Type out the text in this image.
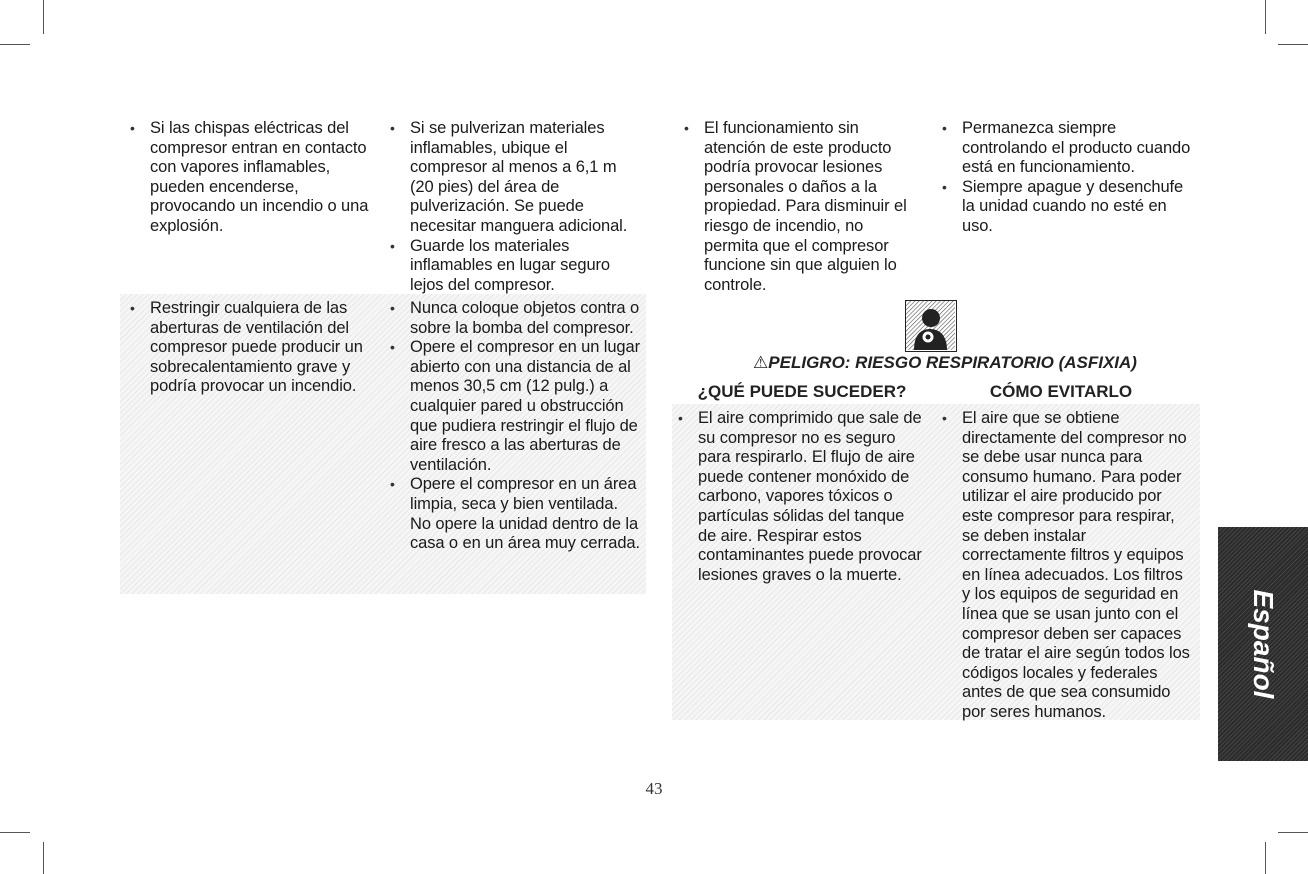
• Si las chispas eléctricas del compresor entran en contacto con vapores inflamables, pueden encenderse, provocando un incendio o una explosión.
• Si se pulverizan materiales inflamables, ubique el compresor al menos a 6,1 m (20 pies) del área de pulverización. Se puede necesitar manguera adicional.
• Guarde los materiales inflamables en lugar seguro lejos del compresor.
• Restringir cualquiera de las aberturas de ventilación del compresor puede producir un sobrecalentamiento grave y podría provocar un incendio.
• Nunca coloque objetos contra o sobre la bomba del compresor.
• Opere el compresor en un lugar abierto con una distancia de al menos 30,5 cm (12 pulg.) a cualquier pared u obstrucción que pudiera restringir el flujo de aire fresco a las aberturas de ventilación.
• Opere el compresor en un área limpia, seca y bien ventilada. No opere la unidad dentro de la casa o en un área muy cerrada.
• El funcionamiento sin atención de este producto podría provocar lesiones personales o daños a la propiedad. Para disminuir el riesgo de incendio, no permita que el compresor funcione sin que alguien lo controle.
• Permanezca siempre controlando el producto cuando está en funcionamiento.
• Siempre apague y desenchufe la unidad cuando no esté en uso.
⚠PELIGRO: RIESGO RESPIRATORIO (ASFIXIA)
¿QUÉ PUEDE SUCEDER?	CÓMO EVITARLO
• El aire comprimido que sale de su compresor no es seguro para respirarlo. El flujo de aire puede contener monóxido de carbono, vapores tóxicos o partículas sólidas del tanque de aire. Respirar estos contaminantes puede provocar lesiones graves o la muerte.
• El aire que se obtiene directamente del compresor no se debe usar nunca para consumo humano. Para poder utilizar el aire producido por este compresor para respirar, se deben instalar correctamente filtros y equipos en línea adecuados. Los filtros y los equipos de seguridad en línea que se usan junto con el compresor deben ser capaces de tratar el aire según todos los códigos locales y federales antes de que sea consumido por seres humanos.
Español
43
